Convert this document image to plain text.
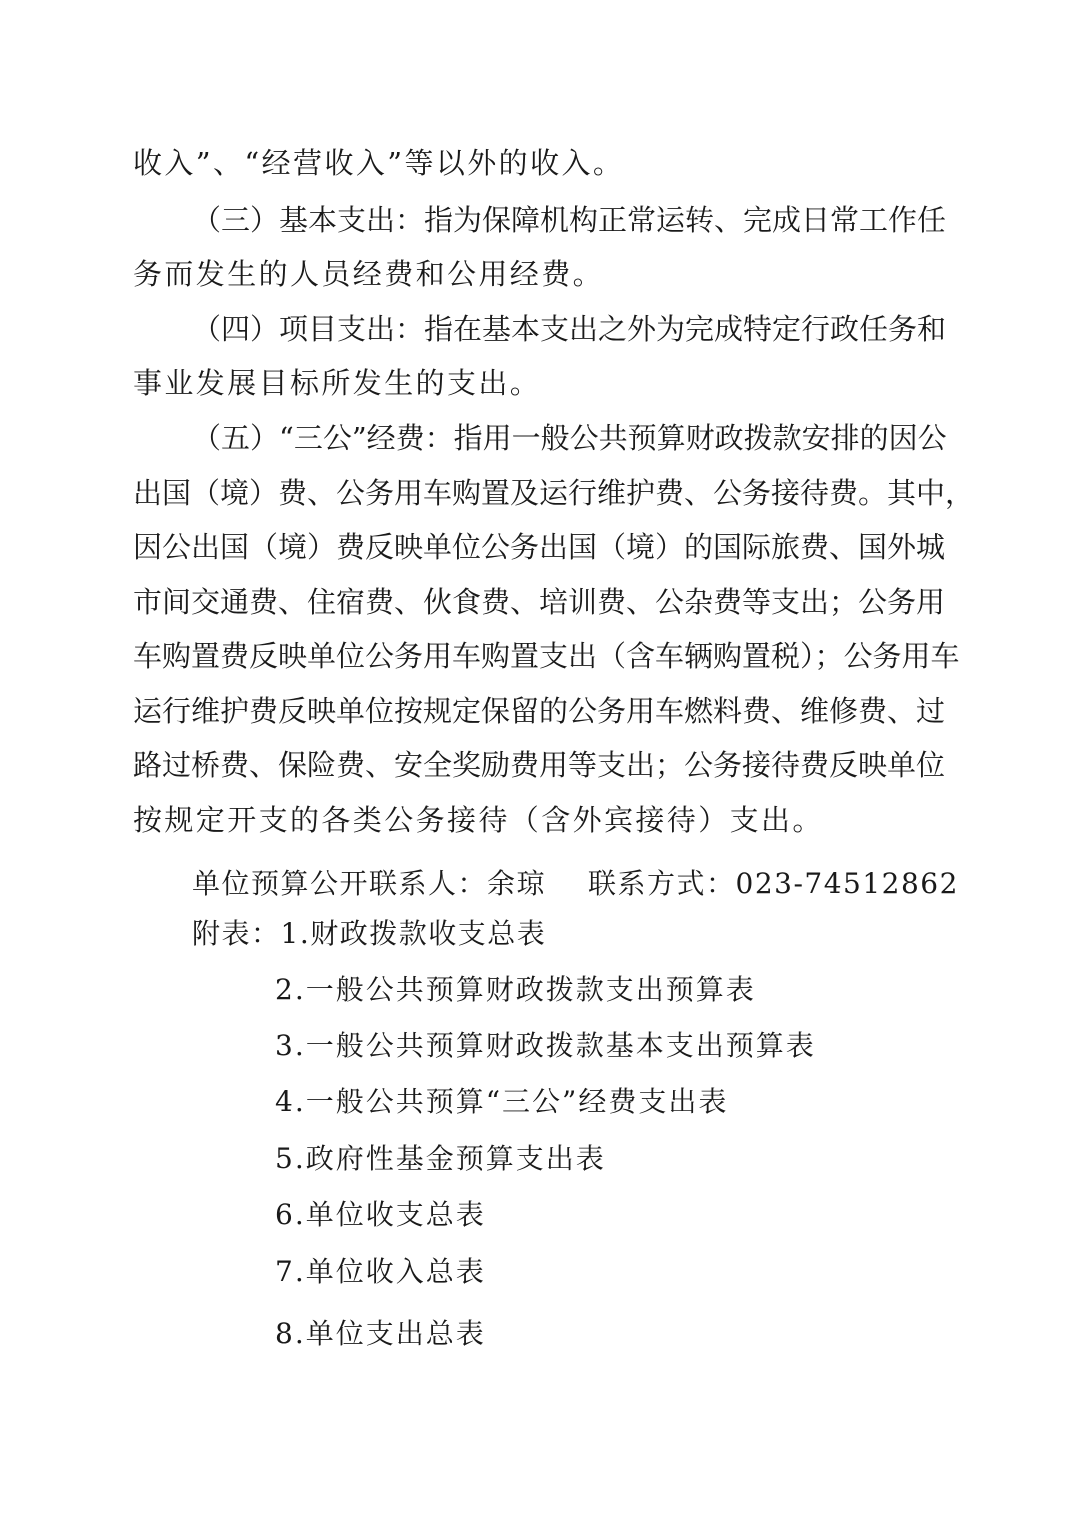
收入”、“经营收入”等以外的收入。
（三）基本支出：指为保障机构正常运转、完成日常工作任
务而发生的人员经费和公用经费。
（四）项目支出：指在基本支出之外为完成特定行政任务和
事业发展目标所发生的支出。
（五）“三公”经费：指用一般公共预算财政拨款安排的因公
出国（境）费、公务用车购置及运行维护费、公务接待费。其中，
因公出国（境）费反映单位公务出国（境）的国际旅费、国外城
市间交通费、住宿费、伙食费、培训费、公杂费等支出；公务用
车购置费反映单位公务用车购置支出（含车辆购置税）；公务用车
运行维护费反映单位按规定保留的公务用车燃料费、维修费、过
路过桥费、保险费、安全奖励费用等支出；公务接待费反映单位
按规定开支的各类公务接待（含外宾接待）支出。
单位预算公开联系人：余琼 联系方式：023-74512862
附表：1.财政拨款收支总表
2.一般公共预算财政拨款支出预算表
3.一般公共预算财政拨款基本支出预算表
4.一般公共预算“三公”经费支出表
5.政府性基金预算支出表
6.单位收支总表
7.单位收入总表
8.单位支出总表
